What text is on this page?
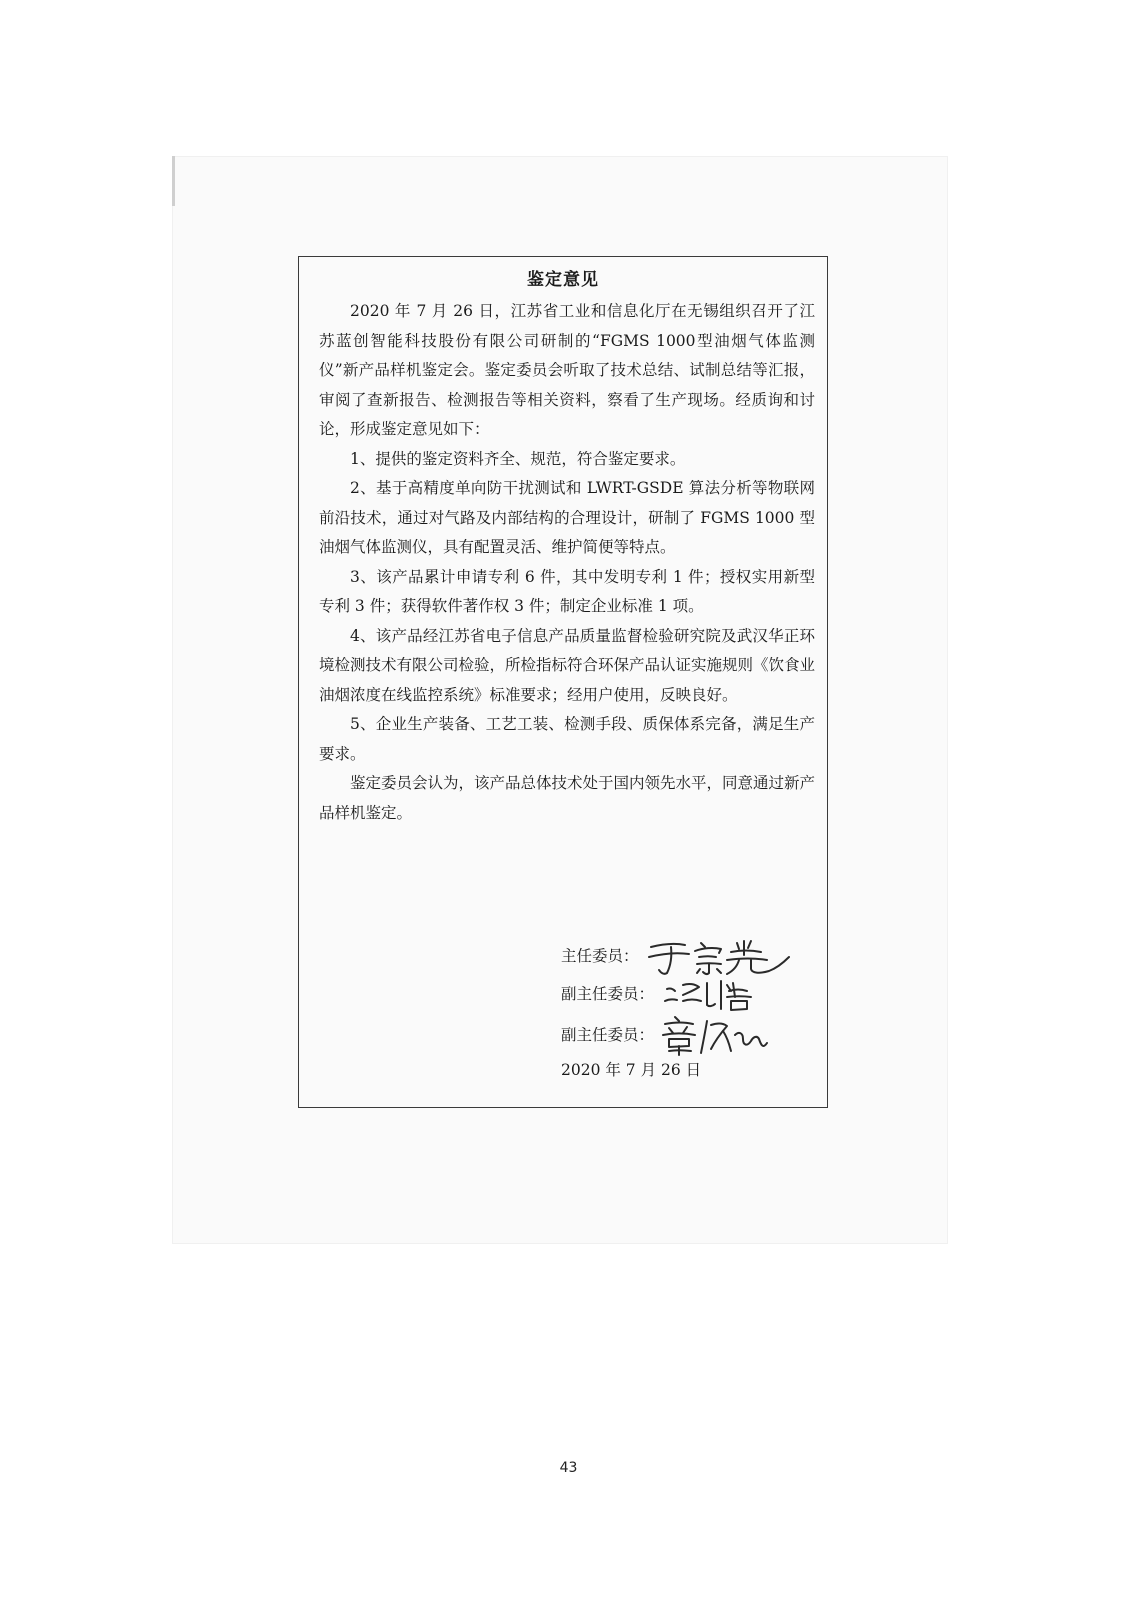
鉴定意见

2020 年 7 月 26 日，江苏省工业和信息化厅在无锡组织召开了江苏蓝创智能科技股份有限公司研制的“FGMS 1000型油烟气体监测仪”新产品样机鉴定会。鉴定委员会听取了技术总结、试制总结等汇报，审阅了查新报告、检测报告等相关资料，察看了生产现场。经质询和讨论，形成鉴定意见如下：

1、提供的鉴定资料齐全、规范，符合鉴定要求。

2、基于高精度单向防干扰测试和 LWRT-GSDE 算法分析等物联网前沿技术，通过对气路及内部结构的合理设计，研制了 FGMS 1000 型油烟气体监测仪，具有配置灵活、维护简便等特点。

3、该产品累计申请专利 6 件，其中发明专利 1 件；授权实用新型专利 3 件；获得软件著作权 3 件；制定企业标准 1 项。

4、该产品经江苏省电子信息产品质量监督检验研究院及武汉华正环境检测技术有限公司检验，所检指标符合环保产品认证实施规则《饮食业油烟浓度在线监控系统》标准要求；经用户使用，反映良好。

5、企业生产装备、工艺工装、检测手段、质保体系完备，满足生产要求。

鉴定委员会认为，该产品总体技术处于国内领先水平，同意通过新产品样机鉴定。

主任委员：
副主任委员：
副主任委员：
2020 年 7 月 26 日
43
